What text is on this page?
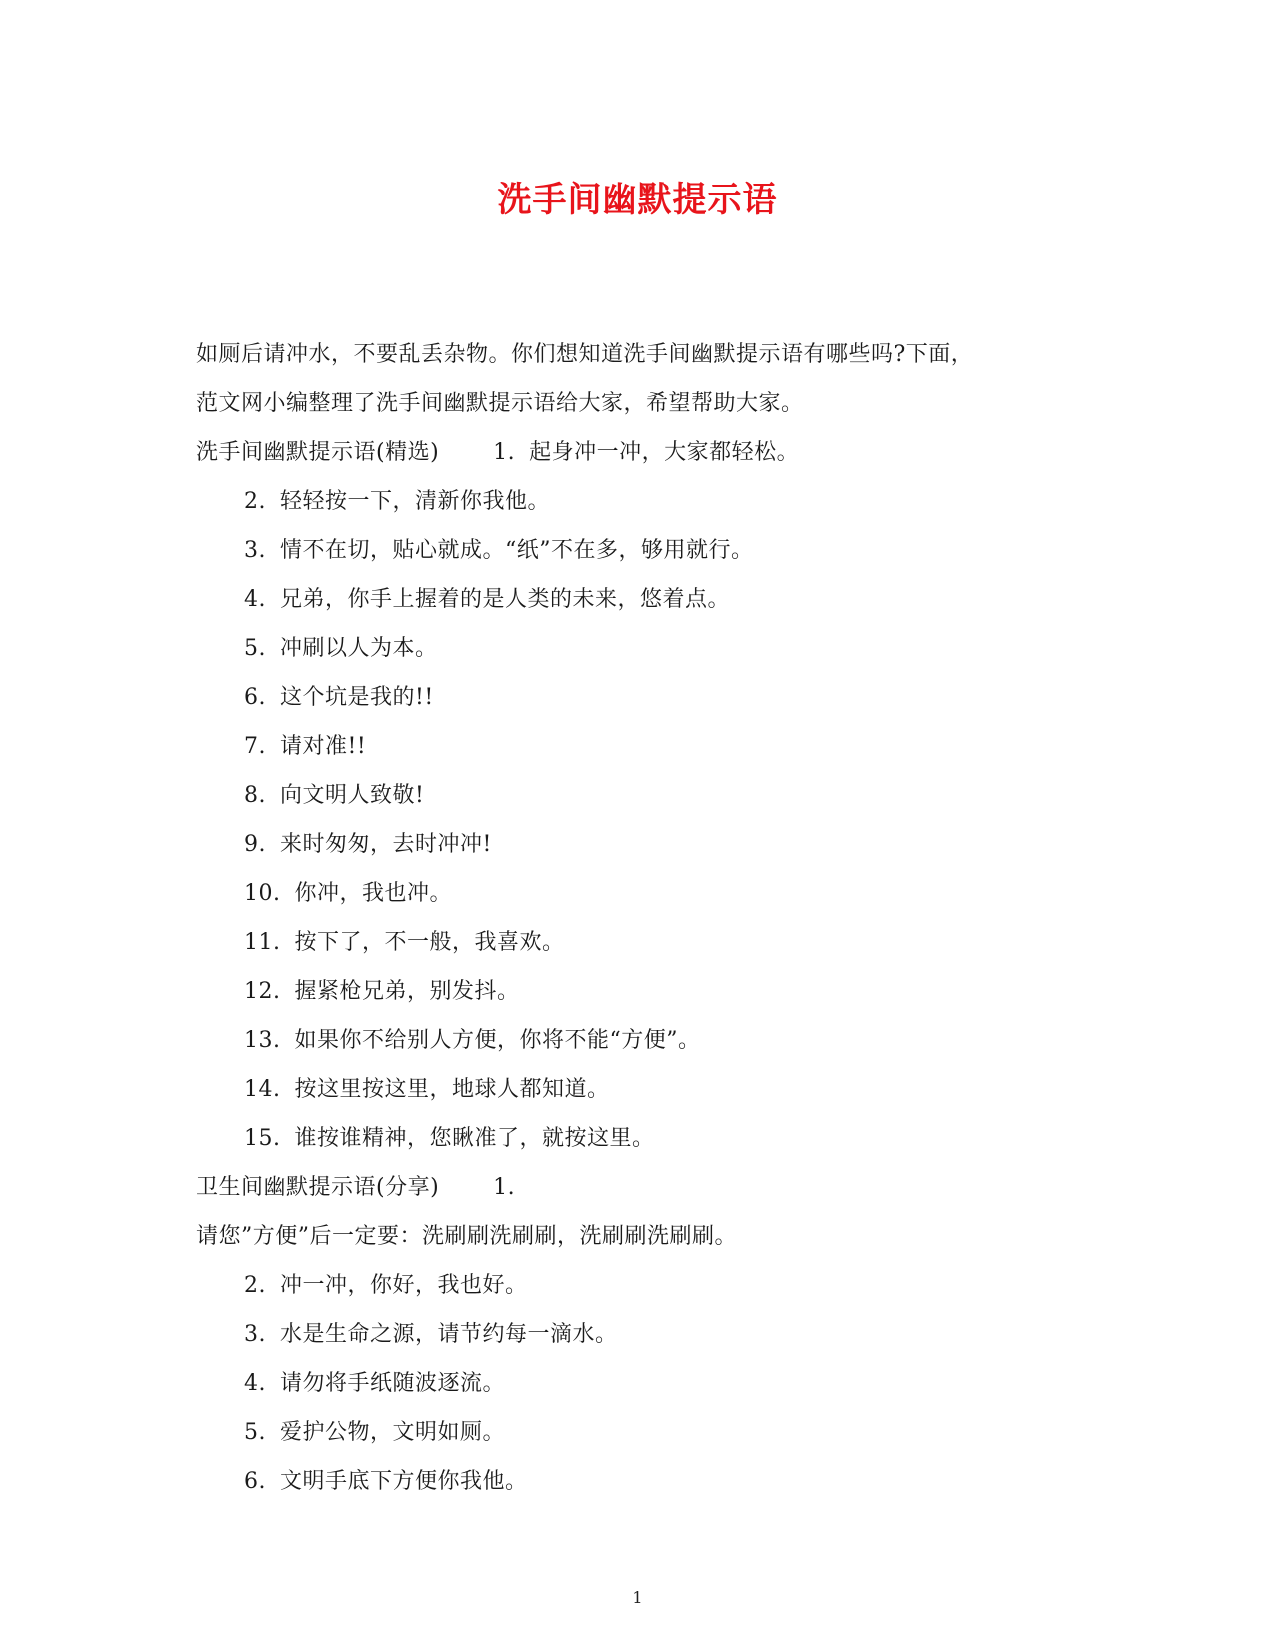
洗手间幽默提示语
如厕后请冲水，不要乱丢杂物。你们想知道洗手间幽默提示语有哪些吗?下面，
范文网小编整理了洗手间幽默提示语给大家，希望帮助大家。
洗手间幽默提示语(精选) 1. 起身冲一冲，大家都轻松。
2. 轻轻按一下，清新你我他。
3. 情不在切，贴心就成。“纸”不在多，够用就行。
4. 兄弟，你手上握着的是人类的未来，悠着点。
5. 冲刷以人为本。
6. 这个坑是我的!!
7. 请对准!!
8. 向文明人致敬!
9. 来时匆匆，去时冲冲!
10. 你冲，我也冲。
11. 按下了，不一般，我喜欢。
12. 握紧枪兄弟，别发抖。
13. 如果你不给别人方便，你将不能“方便”。
14. 按这里按这里，地球人都知道。
15. 谁按谁精神，您瞅准了，就按这里。
卫生间幽默提示语(分享) 1.
请您”方便”后一定要：洗刷刷洗刷刷，洗刷刷洗刷刷。
2. 冲一冲，你好，我也好。
3. 水是生命之源，请节约每一滴水。
4. 请勿将手纸随波逐流。
5. 爱护公物，文明如厕。
6. 文明手底下方便你我他。
1
